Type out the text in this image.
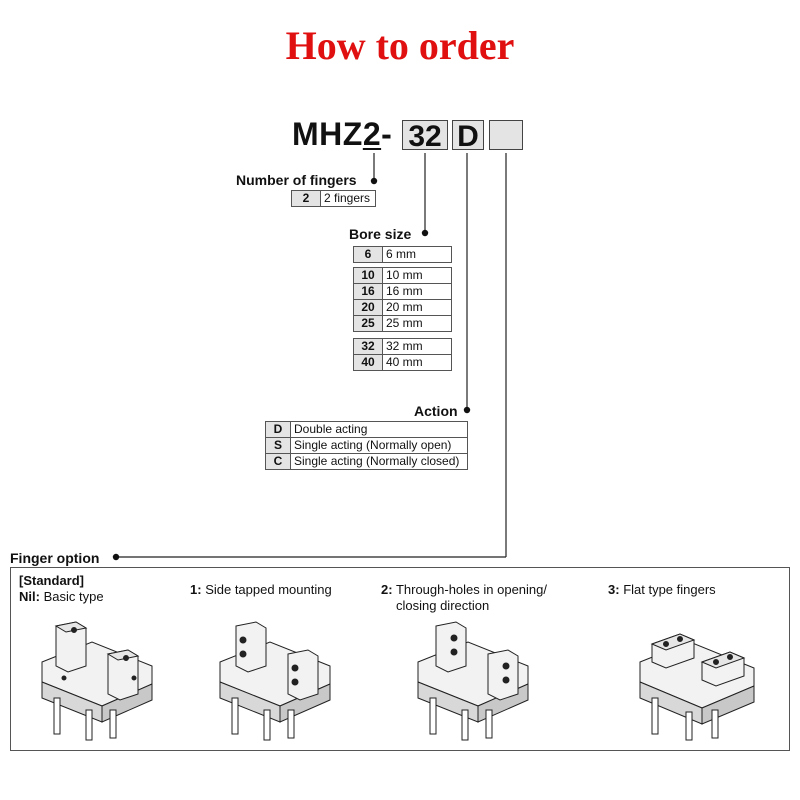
How to order
MHZ2- 32 D
Number of fingers
2	2 fingers
Bore size
6	6 mm
10	10 mm
16	16 mm
20	20 mm
25	25 mm
32	32 mm
40	40 mm
Action
D	Double acting
S	Single acting (Normally open)
C	Single acting (Normally closed)
Finger option
[Standard]
Nil: Basic type	1: Side tapped mounting	2: Through-holes in opening/
closing direction
3: Flat type fingers
